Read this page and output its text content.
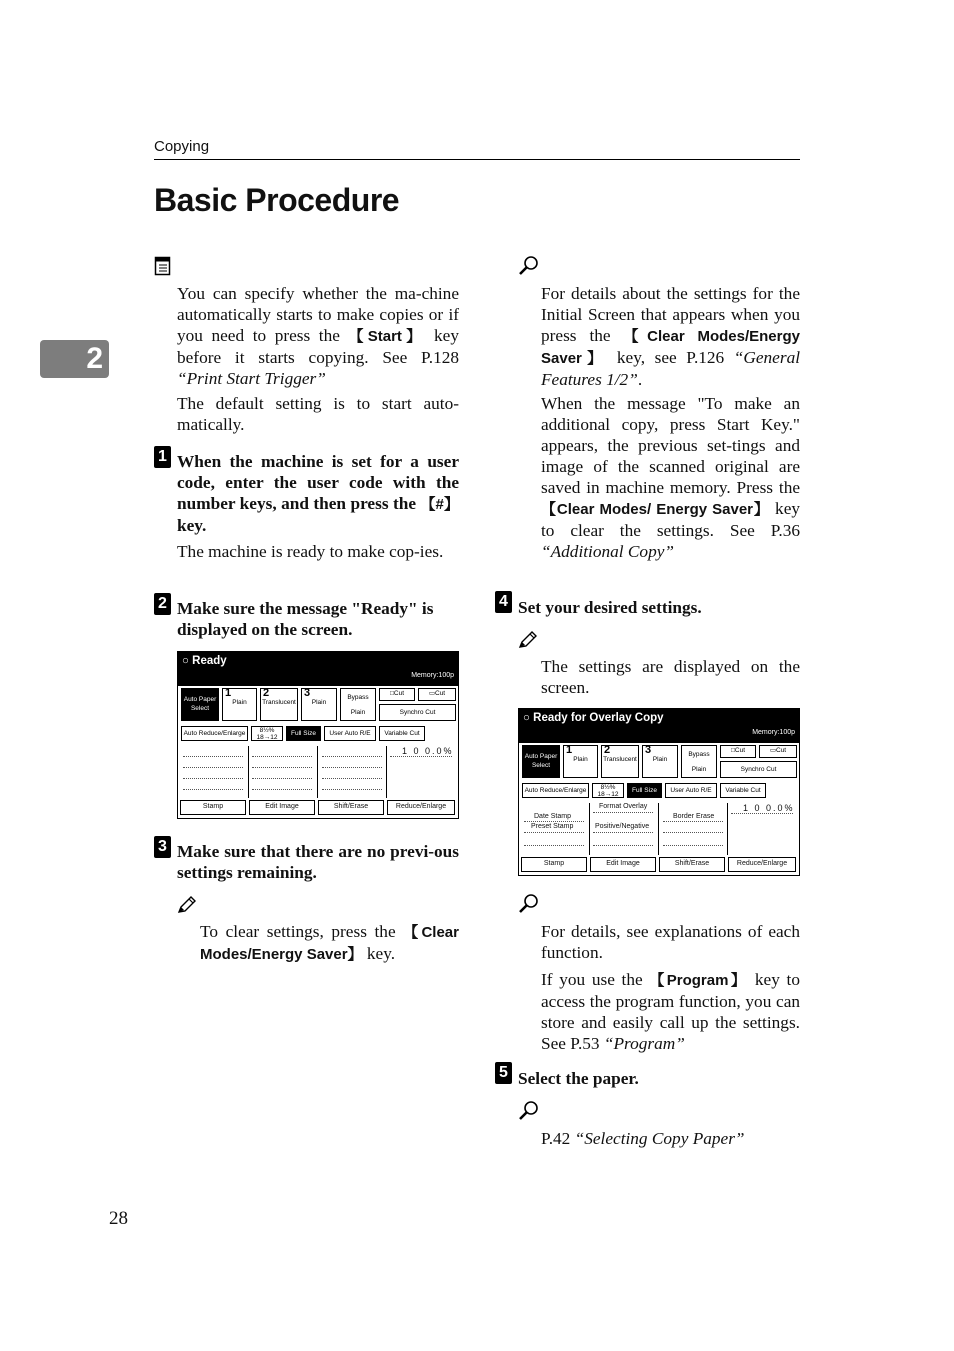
Copying
Basic Procedure
2
You can specify whether the ma-chine automatically starts to make copies or if you need to press the 【Start】 key before it starts copying. See P.128 “Print Start Trigger”
The default setting is to start auto-matically.
1 When the machine is set for a user code, enter the user code with the number keys, and then press the 【#】 key.
The machine is ready to make cop-ies.
2 Make sure the message "Ready" is displayed on the screen.
○ Ready
Memory:100p
Auto Paper Select
1
Plain
2
Translucent
3
Plain
Bypass
Plain
□Cut	▭Cut
Synchro Cut
Auto Reduce/Enlarge	8½% 18→12
Full Size	User Auto R/E	Variable Cut
1 0 0.0%
Stamp	Edit Image	Shift/Erase	Reduce/Enlarge
3 Make sure that there are no previ-ous settings remaining.
To clear settings, press the 【Clear Modes/Energy Saver】 key.
For details about the settings for the Initial Screen that appears when you press the 【Clear Modes/Energy Saver】 key, see P.126 “General Features 1/2”.
When the message "To make an additional copy, press Start Key." appears, the previous set-tings and image of the scanned original are saved in machine memory. Press the 【Clear Modes/ Energy Saver】 key to clear the settings. See P.36 “Additional Copy”
4 Set your desired settings.
The settings are displayed on the screen.
○ Ready for Overlay Copy
Memory:100p
Auto Paper Select
1
Plain
2
Translucent
3
Plain
Bypass
Plain
□Cut	▭Cut
Synchro Cut
Auto Reduce/Enlarge	8½% 18→12
Full Size	User Auto R/E	Variable Cut
1 0 0.0%
Date Stamp
Preset Stamp
Format Overlay
Positive/Negative
Border Erase
Stamp	Edit Image	Shift/Erase	Reduce/Enlarge
For details, see explanations of each function.
If you use the 【Program】 key to access the program function, you can store and easily call up the settings. See P.53 “Program”
5 Select the paper.
P.42 “Selecting Copy Paper”
28
